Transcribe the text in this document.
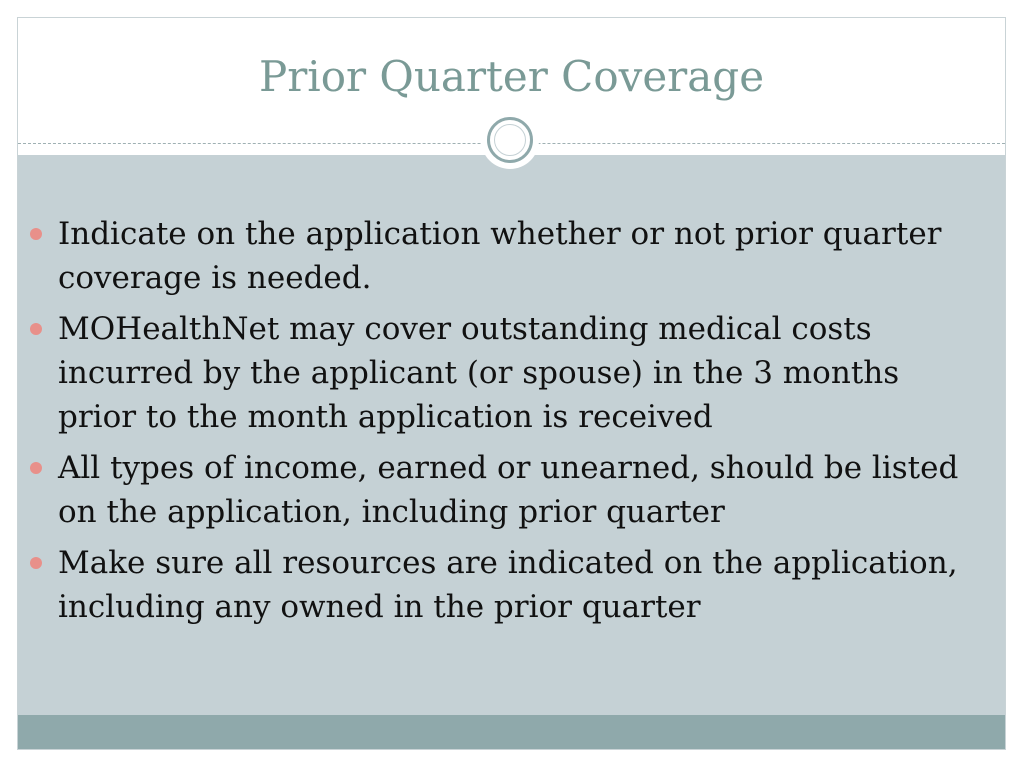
Prior Quarter Coverage
Indicate on the application whether or not prior quarter coverage is needed.
MOHealthNet may cover outstanding medical costs incurred by the applicant (or spouse) in the 3 months prior to the month application is received
All types of income, earned or unearned, should be listed on the application, including prior quarter
Make sure all resources are indicated on the application, including any owned in the prior quarter
